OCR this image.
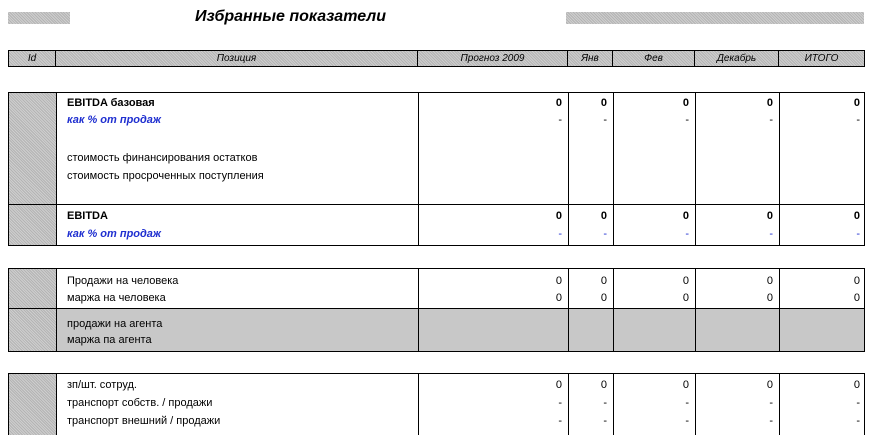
Избранные показатели
Id	Позиция	Прогноз 2009	Янв	Фев	Декабрь	ИТОГО
EBITDA базовая	0	0	0	0	0
как % от продаж	-	-	-	-	-
стоимость финансирования остатков
стоимость просроченных поступления
EBITDA	0	0	0	0	0
как % от продаж	-	-	-	-	-
Продажи на человека	0	0	0	0	0
маржа на человека	0	0	0	0	0
продажи на агента
маржа па агента
зп/шт. сотруд.	0	0	0	0	0
транспорт собств. / продажи	-	-	-	-	-
транспорт внешний / продажи	-	-	-	-	-
